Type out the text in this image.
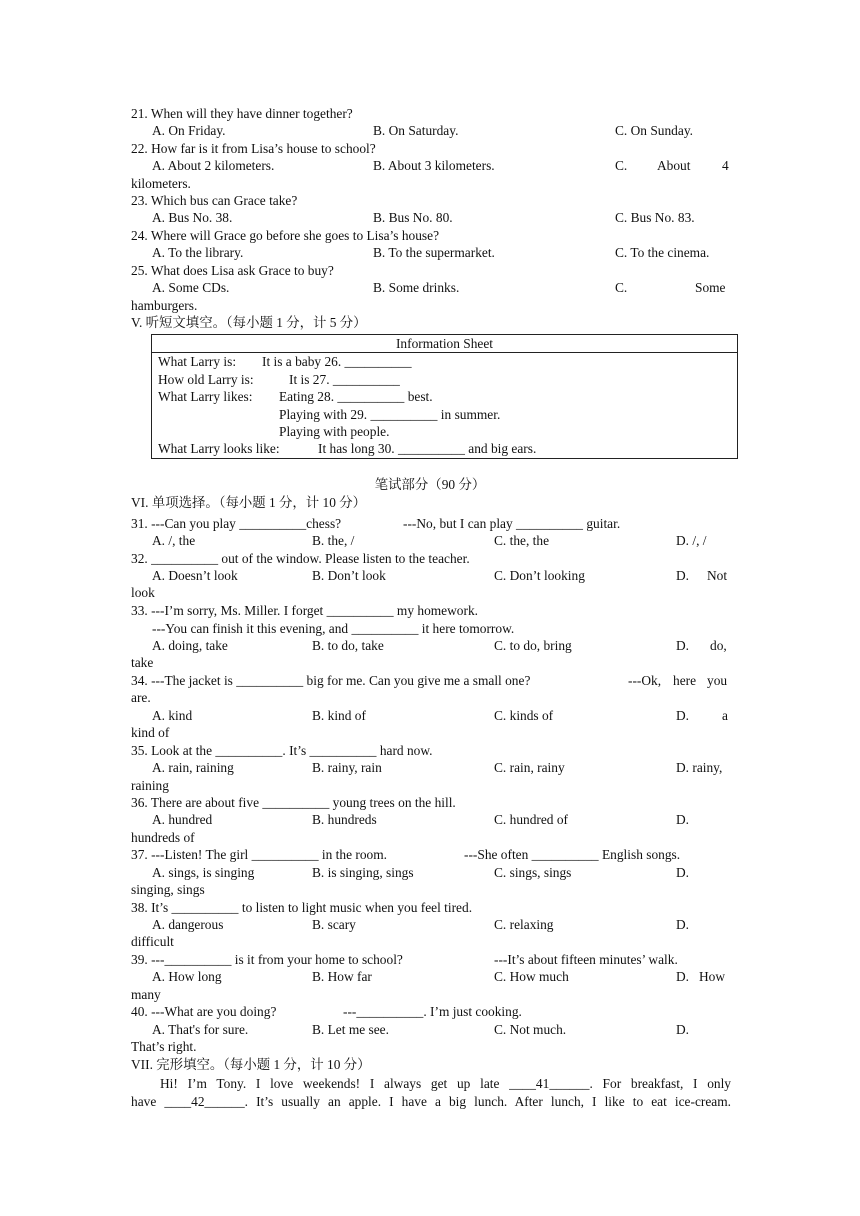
21. When will they have dinner together?
A. On Friday.	B. On Saturday.	C. On Sunday.
22. How far is it from Lisa’s house to school?
A. About 2 kilometers.	B. About 3 kilometers.	C. About 4
kilometers.
23. Which bus can Grace take?
A. Bus No. 38.	B. Bus No. 80.	C. Bus No. 83.
24. Where will Grace go before she goes to Lisa’s house?
A. To the library.	B. To the supermarket.	C. To the cinema.
25. What does Lisa ask Grace to buy?
A. Some CDs.	B. Some drinks.	C.	Some
hamburgers.
V. 听短文填空。（每小题 1 分，计 5 分）
Information Sheet

What Larry is: It is a baby 26. __________
How old Larry is:	It is 27. __________
What Larry likes: Eating 28. __________ best.
Playing with 29. __________ in summer.
Playing with people.
What Larry looks like:	It has long 30. __________ and big ears.
笔试部分（90 分）
VI. 单项选择。（每小题 1 分，计 10 分）
31. ---Can you play __________chess?	---No, but I can play __________ guitar.
A. /, the	B. the, /	C. the, the	D. /, /
32. __________ out of the window. Please listen to the teacher.
A. Doesn’t look	B. Don’t look	C. Don’t looking	D. Not
look
33. ---I’m sorry, Ms. Miller. I forget __________ my homework.
---You can finish it this evening, and __________ it here tomorrow.
A. doing, take	B. to do, take	C. to do, bring	D. do,
take
34. ---The jacket is __________ big for me. Can you give me a small one?	---Ok, here you
are.
A. kind	B. kind of	C. kinds of	D. a
kind of
35. Look at the __________. It’s __________ hard now.
A. rain, raining	B. rainy, rain	C. rain, rainy	D. rainy,
raining
36. There are about five __________ young trees on the hill.
A. hundred	B. hundreds	C. hundred of	D.
hundreds of
37. ---Listen! The girl __________ in the room.	---She often __________ English songs.
A. sings, is singing	B. is singing, sings	C. sings, sings	D.
singing, sings
38. It’s __________ to listen to light music when you feel tired.
A. dangerous	B. scary	C. relaxing	D.
difficult
39. ---__________ is it from your home to school?	---It’s about fifteen minutes’ walk.
A. How long	B. How far	C. How much	D. How
many
40. ---What are you doing?	---__________. I’m just cooking.
A. That's for sure.	B. Let me see.	C. Not much.	D.
That’s right.
VII. 完形填空。（每小题 1 分，计 10 分）
Hi! I’m Tony. I love weekends! I always get up late ____41______. For breakfast, I only
have ____42______. It’s usually an apple. I have a big lunch. After lunch, I like to eat ice-cream.
